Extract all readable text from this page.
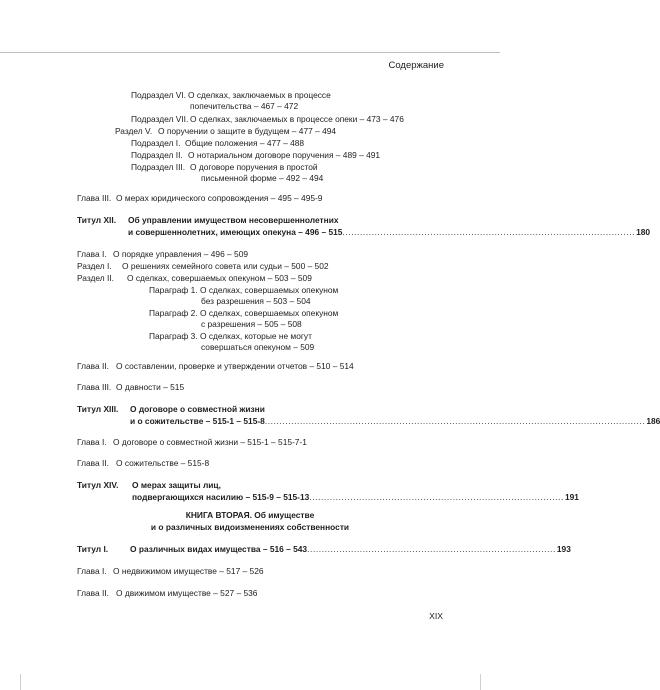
Содержание
Подраздел VI. О сделках, заключаемых в процессе
попечительства – 467 – 472
Подраздел VII. О сделках, заключаемых в процессе опеки – 473 – 476
Раздел V. О поручении о защите в будущем – 477 – 494
Подраздел I. Общие положения – 477 – 488
Подраздел II. О нотариальном договоре поручения – 489 – 491
Подраздел III. О договоре поручения в простой
письменной форме – 492 – 494
Глава III. О мерах юридического сопровождения – 495 – 495-9
Титул XII. Об управлении имуществом несовершеннолетних
и совершеннолетних, имеющих опекуна – 496 – 515 .................................................................................................... 180
Глава I. О порядке управления – 496 – 509
Раздел I. О решениях семейного совета или судьи – 500 – 502
Раздел II. О сделках, совершаемых опекуном – 503 – 509
Параграф 1. О сделках, совершаемых опекуном
без разрешения – 503 – 504
Параграф 2. О сделках, совершаемых опекуном
с разрешения – 505 – 508
Параграф 3. О сделках, которые не могут
совершаться опекуном – 509
Глава II. О составлении, проверке и утверждении отчетов – 510 – 514
Глава III. О давности – 515
Титул XIII. О договоре о совместной жизни
и о сожительстве – 515-1 – 515-8 .................................................................................................................................. 186
Глава I. О договоре о совместной жизни – 515-1 – 515-7-1
Глава II. О сожительстве – 515-8
Титул XIV. О мерах защиты лиц,
подвергающихся насилию – 515-9 – 515-13 ....................................................................................... 191
КНИГА ВТОРАЯ. Об имуществе
и о различных видоизменениях собственности
Титул I.	О различных видах имущества – 516 – 543 ..................................................................................... 193
Глава I. О недвижимом имуществе – 517 – 526
Глава II. О движимом имуществе – 527 – 536
XIX
